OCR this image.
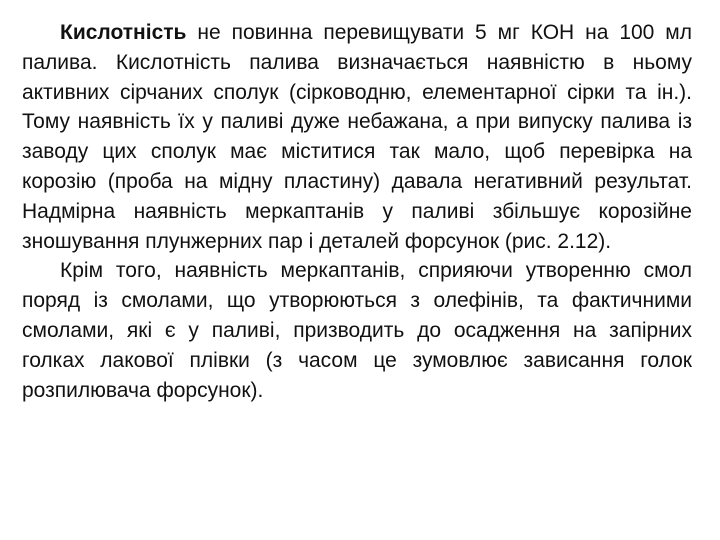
Кислотність не повинна перевищувати 5 мг КОН на 100 мл палива. Кислотність палива визначається наявністю в ньому активних сірчаних сполук (сірководню, елементарної сірки та ін.). Тому наявність їх у паливі дуже небажана, а при випуску палива із заводу цих сполук має міститися так мало, щоб перевірка на корозію (проба на мідну пластину) давала негативний результат. Надмірна наявність меркаптанів у паливі збільшує корозійне зношування плунжерних пар і деталей форсунок (рис. 2.12).

Крім того, наявність меркаптанів, сприяючи утворенню смол поряд із смолами, що утворюються з олефінів, та фактичними смолами, які є у паливі, призводить до осадження на запірних голках лакової плівки (з часом це зумовлює зависання голок розпилювача форсунок).
